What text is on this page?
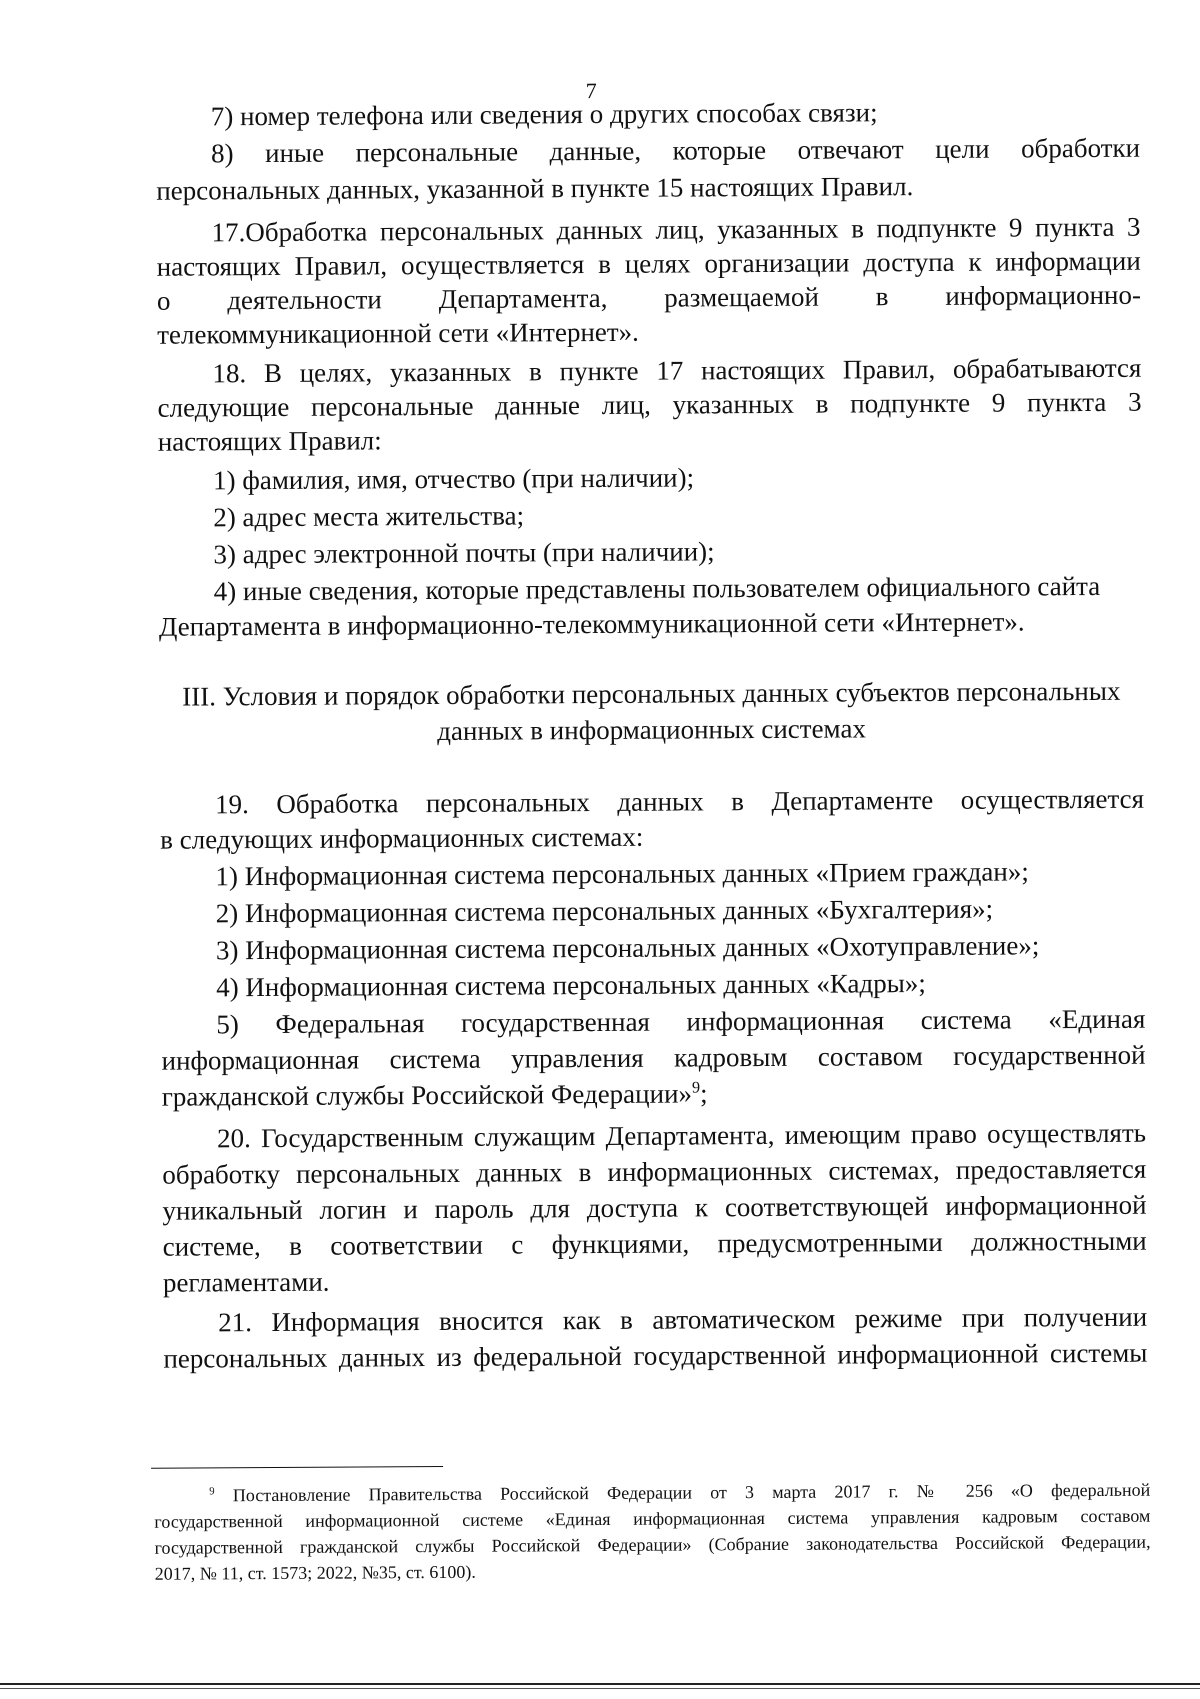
7
7) номер телефона или сведения о других способах связи;
8) иные персональные данные, которые отвечают цели обработки
персональных данных, указанной в пункте 15 настоящих Правил.
17.Обработка персональных данных лиц, указанных в подпункте 9 пункта 3
настоящих Правил, осуществляется в целях организации доступа к информации
о деятельности Департамента, размещаемой в информационно-
телекоммуникационной сети «Интернет».
18. В целях, указанных в пункте 17 настоящих Правил, обрабатываются
следующие персональные данные лиц, указанных в подпункте 9 пункта 3
настоящих Правил:
1) фамилия, имя, отчество (при наличии);
2) адрес места жительства;
3) адрес электронной почты (при наличии);
4) иные сведения, которые представлены пользователем официального сайта
Департамента в информационно-телекоммуникационной сети «Интернет».
III. Условия и порядок обработки персональных данных субъектов персональных
данных в информационных системах
19. Обработка персональных данных в Департаменте осуществляется
в следующих информационных системах:
1) Информационная система персональных данных «Прием граждан»;
2) Информационная система персональных данных «Бухгалтерия»;
3) Информационная система персональных данных «Охотуправление»;
4) Информационная система персональных данных «Кадры»;
5) Федеральная государственная информационная система «Единая
информационная система управления кадровым составом государственной
гражданской службы Российской Федерации»$^9$;
20. Государственным служащим Департамента, имеющим право осуществлять
обработку персональных данных в информационных системах, предоставляется
уникальный логин и пароль для доступа к соответствующей информационной
системе, в соответствии с функциями, предусмотренными должностными
регламентами.
21. Информация вносится как в автоматическом режиме при получении
персональных данных из федеральной государственной информационной системы
$^9$ Постановление Правительства Российской Федерации от 3 марта 2017 г. № 256 «О федеральной
государственной информационной системе «Единая информационная система управления кадровым составом
государственной гражданской службы Российской Федерации» (Собрание законодательства Российской Федерации,
2017, № 11, ст. 1573; 2022, №35, ст. 6100).
